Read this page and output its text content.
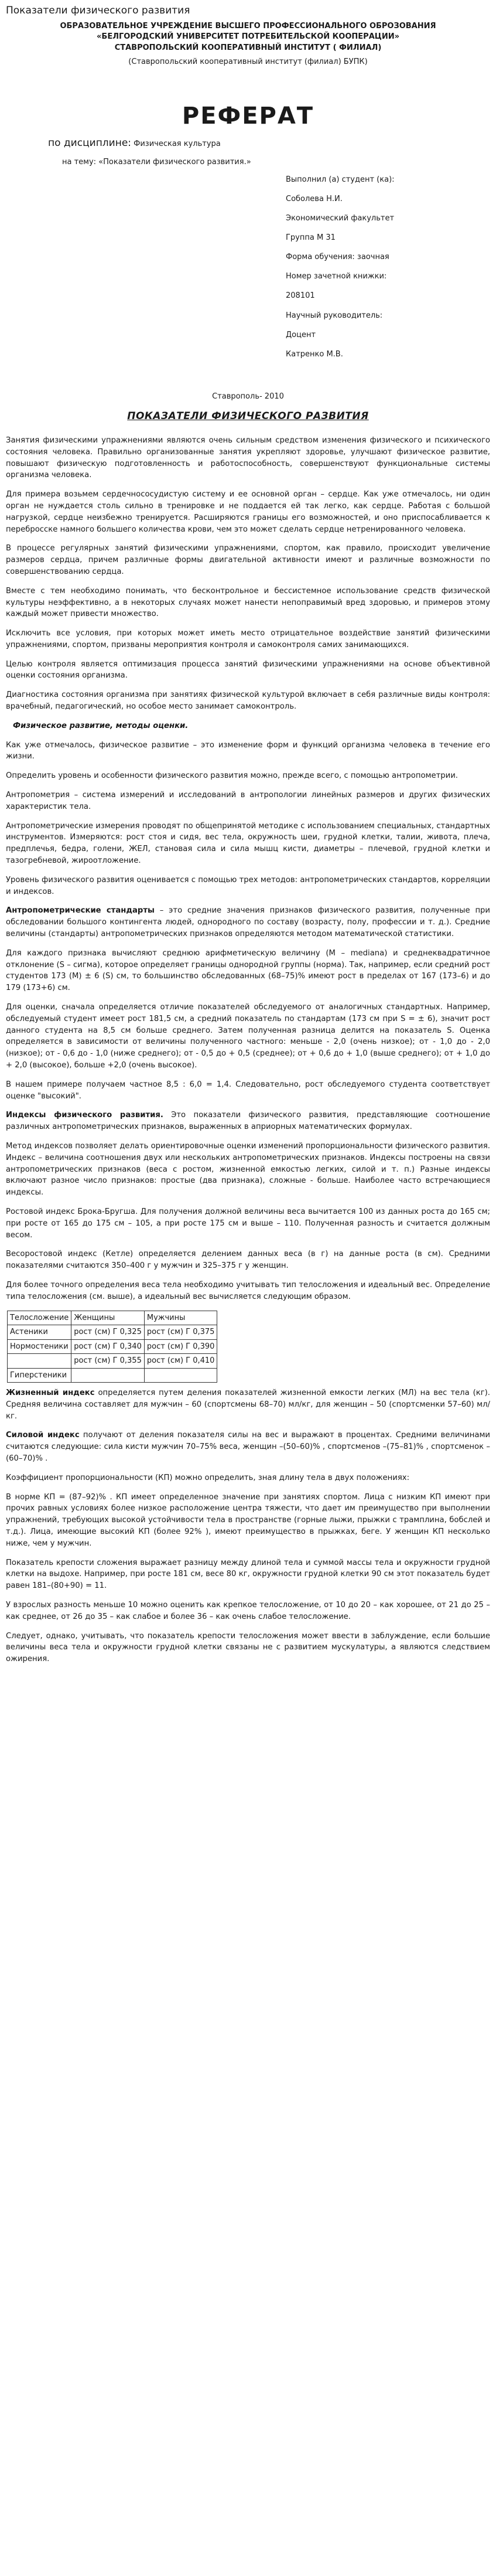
Показатели физического развития
ОБРАЗОВАТЕЛЬНОЕ УЧРЕЖДЕНИЕ ВЫСШЕГО ПРОФЕССИОНАЛЬНОГО ОБРОЗОВАНИЯ
«БЕЛГОРОДСКИЙ УНИВЕРСИТЕТ ПОТРЕБИТЕЛЬСКОЙ КООПЕРАЦИИ»
СТАВРОПОЛЬСКИЙ КООПЕРАТИВНЫЙ ИНСТИТУТ ( ФИЛИАЛ)
(Ставропольский кооперативный институт (филиал) БУПК)
РЕФЕРАТ
по дисциплине: Физическая культура
на тему: «Показатели физического развития.»
Выполнил (а) студент (ка):
Соболева Н.И.
Экономический факультет
Группа М 31
Форма обучения: заочная
Номер зачетной книжки:
208101
Научный руководитель:
Доцент
Катренко М.В.
Ставрополь- 2010
ПОКАЗАТЕЛИ ФИЗИЧЕСКОГО РАЗВИТИЯ

Занятия физическими упражнениями являются очень сильным средством изменения физического и психического состояния человека. Правильно организованные занятия укрепляют здоровье, улучшают физическое развитие, повышают физическую подготовленность и работоспособность, совершенствуют функциональные системы организма человека.

Для примера возьмем сердечнососудистую систему и ее основной орган – сердце. Как уже отмечалось, ни один орган не нуждается столь сильно в тренировке и не поддается ей так легко, как сердце. Работая с большой нагрузкой, сердце неизбежно тренируется. Расширяются границы его возможностей, и оно приспосабливается к перебросске намного большего количества крови, чем это может сделать сердце нетренированного человека.

В процессе регулярных занятий физическими упражнениями, спортом, как правило, происходит увеличение размеров сердца, причем различные формы двигательной активности имеют и различные возможности по совершенствованию сердца.

Вместе с тем необходимо понимать, что бесконтрольное и бессистемное использование средств физической культуры неэффективно, а в некоторых случаях может нанести непоправимый вред здоровью, и примеров этому каждый может привести множество.

Исключить все условия, при которых может иметь место отрицательное воздействие занятий физическими упражнениями, спортом, призваны мероприятия контроля и самоконтроля самих занимающихся.

Целью контроля является оптимизация процесса занятий физическими упражнениями на основе объективной оценки состояния организма.

Диагностика состояния организма при занятиях физической культурой включает в себя различные виды контроля: врачебный, педагогический, но особое место занимает самоконтроль.

Физическое развитие, методы оценки.

Как уже отмечалось, физическое развитие – это изменение форм и функций организма человека в течение его жизни.

Определить уровень и особенности физического развития можно, прежде всего, с помощью антропометрии.

Антропометрия – система измерений и исследований в антропологии линейных размеров и других физических характеристик тела.

Антропометрические измерения проводят по общепринятой методике с использованием специальных, стандартных инструментов. Измеряются: рост стоя и сидя, вес тела, окружность шеи, грудной клетки, талии, живота, плеча, предплечья, бедра, голени, ЖЕЛ, становая сила и сила мышц кисти, диаметры – плечевой, грудной клетки и тазогребневой, жироотложение.

Уровень физического развития оценивается с помощью трех методов: антропометрических стандартов, корреляции и индексов.

Антропометрические стандарты – это средние значения признаков физического развития, полученные при обследовании большого контингента людей, однородного по составу (возрасту, полу, профессии и т. д.). Средние величины (стандарты) антропометрических признаков определяются методом математической статистики.

Для каждого признака вычисляют среднюю арифметическую величину (M – mediana) и среднеквадратичное отклонение (S – сигма), которое определяет границы однородной группы (норма). Так, например, если средний рост студентов 173 (M) ± 6 (S) см, то большинство обследованных (68–75)% имеют рост в пределах от 167 (173–6) и до 179 (173+6) см.

Для оценки, сначала определяется отличие показателей обследуемого от аналогичных стандартных. Например, обследуемый студент имеет рост 181,5 см, а средний показатель по стандартам (173 см при S = ± 6), значит рост данного студента на 8,5 см больше среднего. Затем полученная разница делится на показатель S. Оценка определяется в зависимости от величины полученного частного: меньше - 2,0 (очень низкое); от - 1,0 до - 2,0 (низкое); от - 0,6 до - 1,0 (ниже среднего); от - 0,5 до + 0,5 (среднее); от + 0,6 до + 1,0 (выше среднего); от + 1,0 до + 2,0 (высокое), больше +2,0 (очень высокое).

В нашем примере получаем частное 8,5 : 6,0 = 1,4. Следовательно, рост обследуемого студента соответствует оценке "высокий".

Индексы физического развития. Это показатели физического развития, представляющие соотношение различных антропометрических признаков, выраженных в априорных математических формулах.

Метод индексов позволяет делать ориентировочные оценки изменений пропорциональности физического развития. Индекс – величина соотношения двух или нескольких антропометрических признаков. Индексы построены на связи антропометрических признаков (веса с ростом, жизненной емкостью легких, силой и т. п.) Разные индексы включают разное число признаков: простые (два признака), сложные - больше. Наиболее часто встречающиеся индексы.

Ростовой индекс Брока-Бругша. Для получения должной величины веса вычитается 100 из данных роста до 165 см; при росте от 165 до 175 см – 105, а при росте 175 см и выше – 110. Полученная разность и считается должным весом.

Весоростовой индекс (Кетле) определяется делением данных веса (в г) на данные роста (в см). Средними показателями считаются 350–400 г у мужчин и 325–375 г у женщин.

Для более точного определения веса тела необходимо учитывать тип телосложения и идеальный вес. Определение типа телосложения (см. выше), а идеальный вес вычисляется следующим образом.

Телосложение	Женщины	Мужчины
Астеники	рост (см) Г 0,325	рост (см) Г 0,375
Нормостеники	рост (см) Г 0,340	рост (см) Г 0,390
	рост (см) Г 0,355	рост (см) Г 0,410
Гиперстеники		

Жизненный индекс определяется путем деления показателей жизненной емкости легких (МЛ) на вес тела (кг). Средняя величина составляет для мужчин – 60 (спортсмены 68–70) мл/кг, для женщин – 50 (спортсменки 57–60) мл/кг.

Силовой индекс получают от деления показателя силы на вес и выражают в процентах. Средними величинами считаются следующие: сила кисти мужчин 70–75% веса, женщин –(50–60)% , спортсменов –(75–81)% , спортсменок –(60–70)% .

Коэффициент пропорциональности (КП) можно определить, зная длину тела в двух положениях:

В норме КП = (87–92)% . КП имеет определенное значение при занятиях спортом. Лица с низким КП имеют при прочих равных условиях более низкое расположение центра тяжести, что дает им преимущество при выполнении упражнений, требующих высокой устойчивости тела в пространстве (горные лыжи, прыжки с трамплина, бобслей и т.д.). Лица, имеющие высокий КП (более 92% ), имеют преимущество в прыжках, беге. У женщин КП несколько ниже, чем у мужчин.

Показатель крепости сложения выражает разницу между длиной тела и суммой массы тела и окружности грудной клетки на выдохе. Например, при росте 181 см, весе 80 кг, окружности грудной клетки 90 см этот показатель будет равен 181–(80+90) = 11.

У взрослых разность меньше 10 можно оценить как крепкое телосложение, от 10 до 20 – как хорошее, от 21 до 25 – как среднее, от 26 до 35 – как слабое и более 36 – как очень слабое телосложение.

Следует, однако, учитывать, что показатель крепости телосложения может ввести в заблуждение, если большие величины веса тела и окружности грудной клетки связаны не с развитием мускулатуры, а являются следствием ожирения.
